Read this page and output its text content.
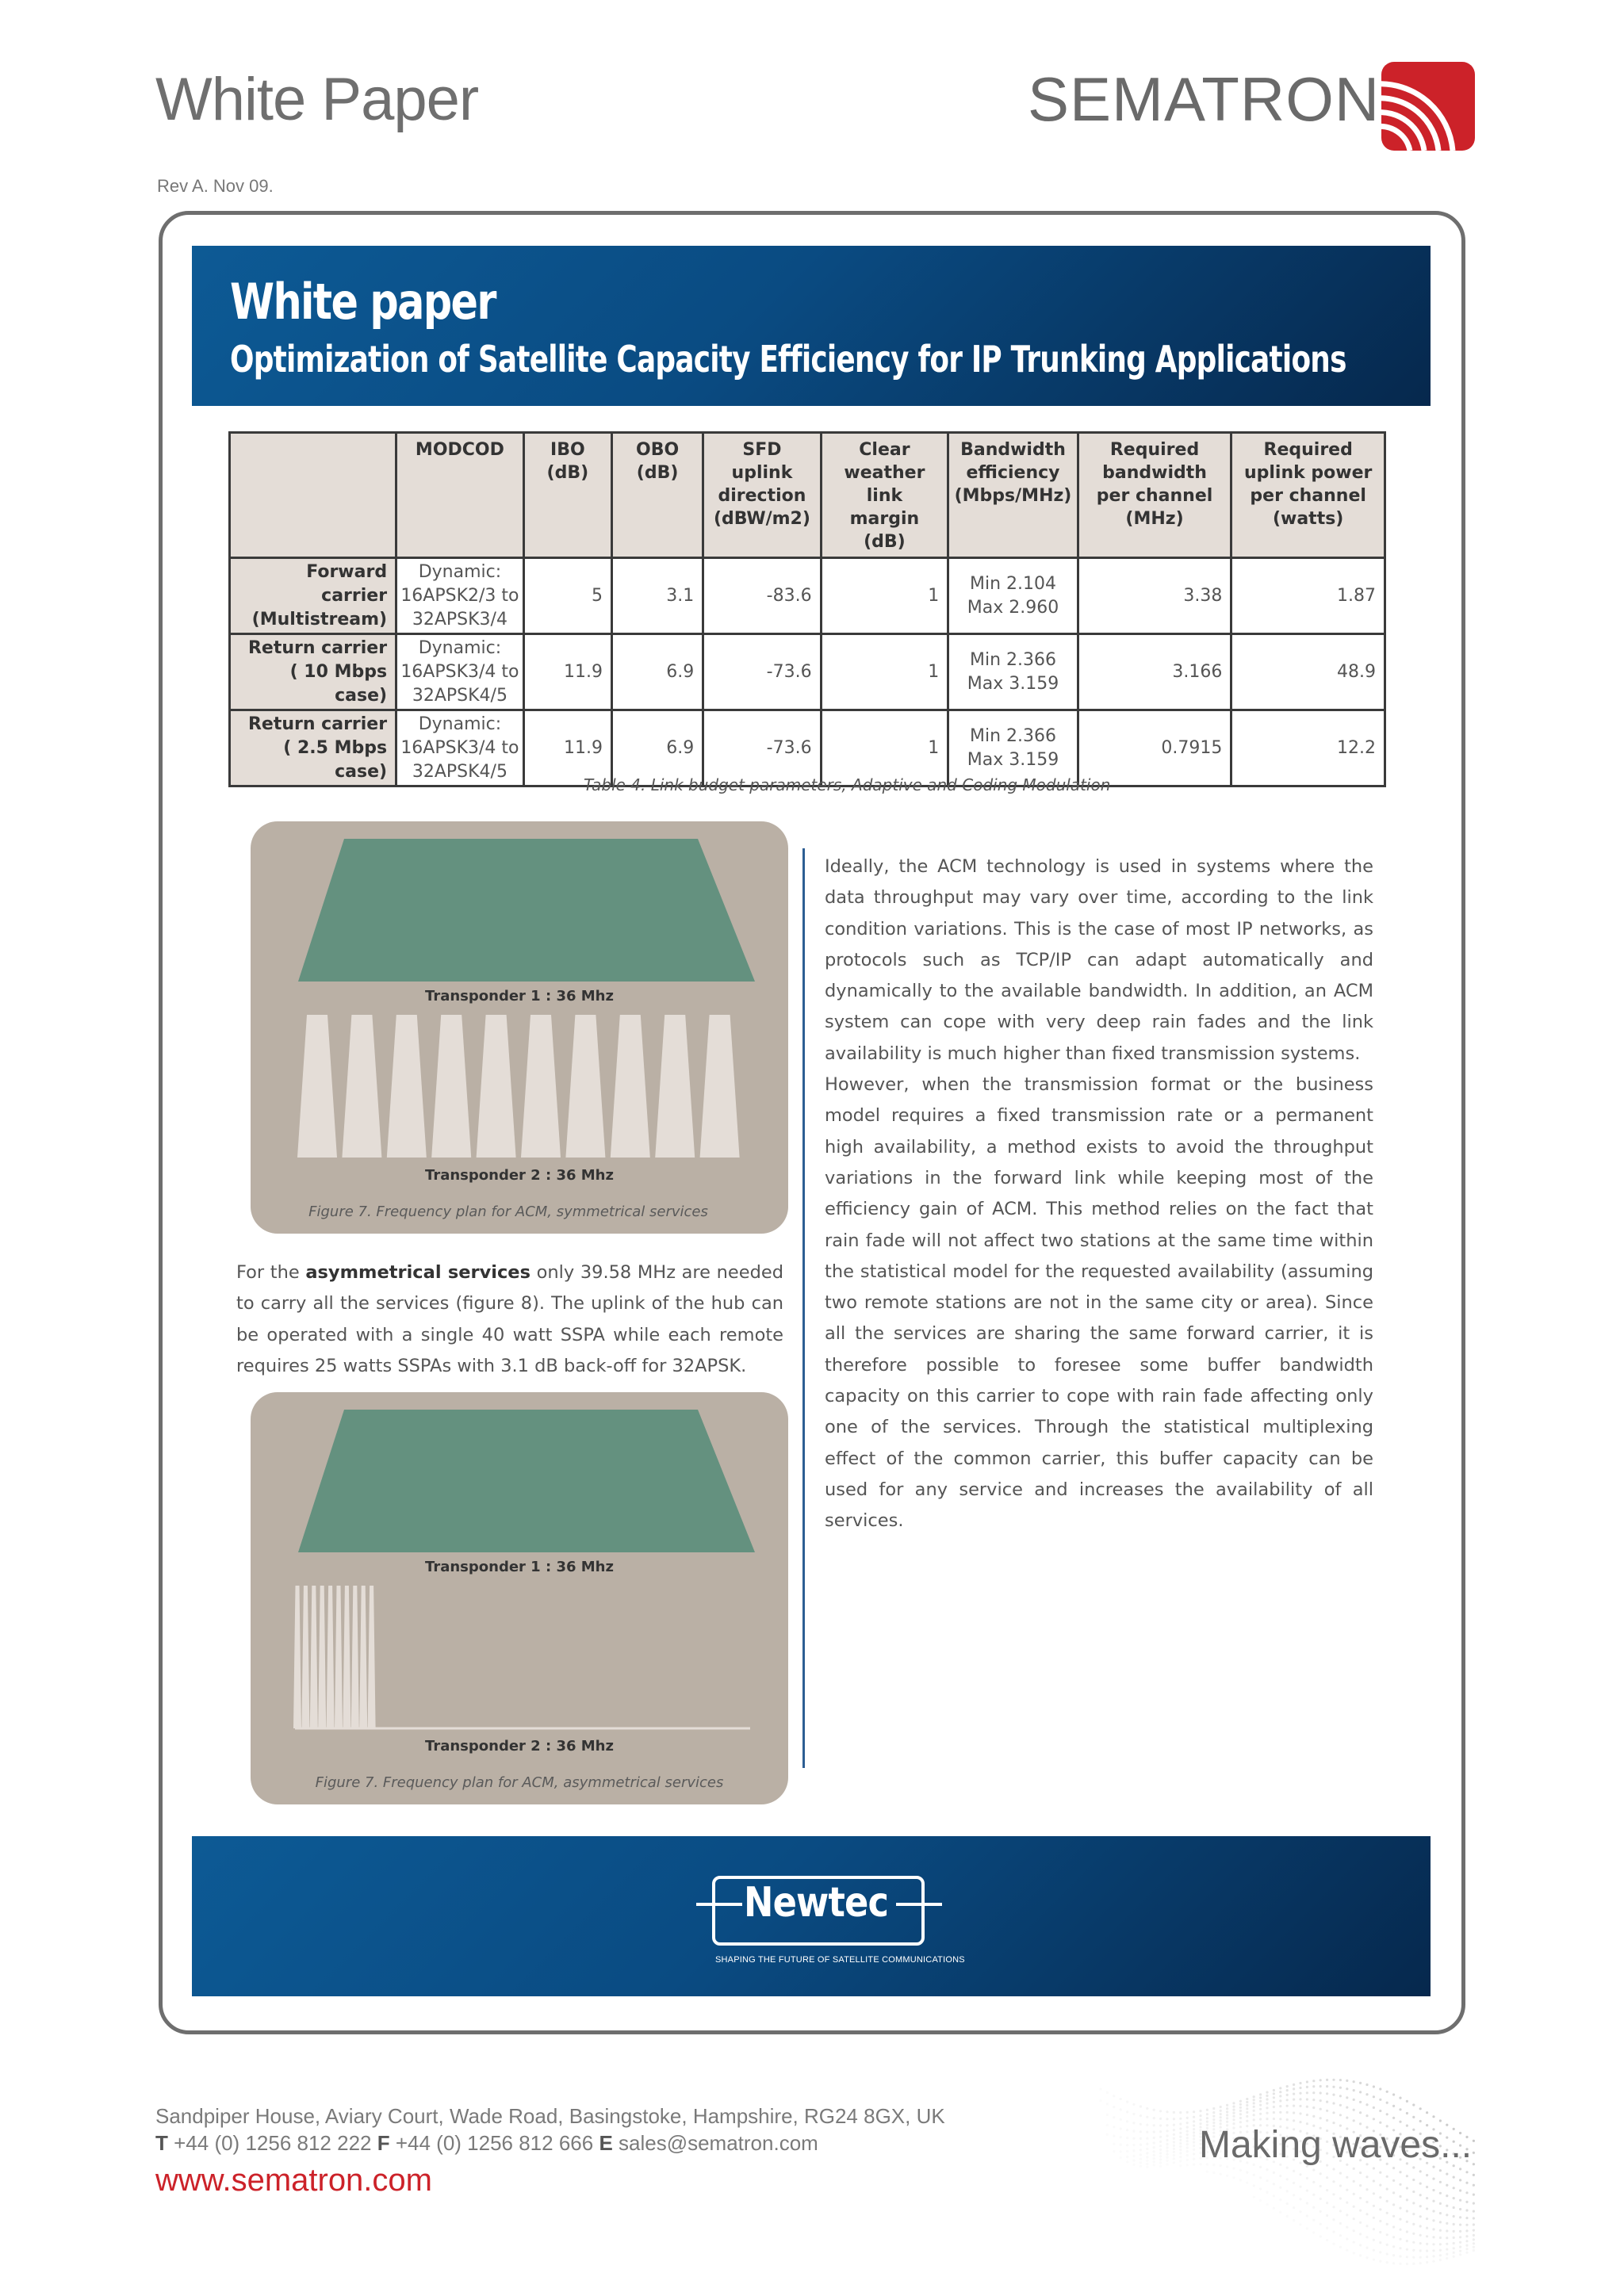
White Paper	SEMATRON
Rev A. Nov 09.
White paper
Optimization of Satellite Capacity Efficiency for IP Trunking Applications
	MODCOD	IBO
(dB)	OBO
(dB)	SFD
uplink
direction
(dBW/m2)	Clear
weather link
margin
(dB)	Bandwidth
efficiency
(Mbps/MHz)	Required
bandwidth
per channel
(MHz)	Required
uplink power
per channel
(watts)
Forward carrier
(Multistream)	Dynamic:
16APSK2/3 to
32APSK3/4	5	3.1	-83.6	1	Min 2.104
Max 2.960	3.38	1.87
Return carrier
( 10 Mbps case)	Dynamic:
16APSK3/4 to
32APSK4/5	11.9	6.9	-73.6	1	Min 2.366
Max 3.159	3.166	48.9
Return carrier
( 2.5 Mbps case)	Dynamic:
16APSK3/4 to
32APSK4/5	11.9	6.9	-73.6	1	Min 2.366
Max 3.159	0.7915	12.2
Table 4. Link budget parameters, Adaptive and Coding Modulation
Transponder 1 : 36 Mhz
Transponder 2 : 36 Mhz
Figure 7. Frequency plan for ACM, symmetrical services
For the asymmetrical services only 39.58 MHz are needed to carry all the services (figure 8). The uplink of the hub can be operated with a single 40 watt SSPA while each remote requires 25 watts SSPAs with 3.1 dB back-off for 32APSK.
Transponder 1 : 36 Mhz
Transponder 2 : 36 Mhz
Figure 7. Frequency plan for ACM, asymmetrical services
Ideally, the ACM technology is used in systems where the data throughput may vary over time, according to the link condition variations. This is the case of most IP networks, as protocols such as TCP/IP can adapt automatically and dynamically to the available bandwidth. In addition, an ACM system can cope with very deep rain fades and the link availability is much higher than fixed transmission systems.
However, when the transmission format or the business model requires a fixed transmission rate or a permanent high availability, a method exists to avoid the throughput variations in the forward link while keeping most of the efficiency gain of ACM. This method relies on the fact that rain fade will not affect two stations at the same time within the statistical model for the requested availability (assuming two remote stations are not in the same city or area). Since all the services are sharing the same forward carrier, it is therefore possible to foresee some buffer bandwidth capacity on this carrier to cope with rain fade affecting only one of the services. Through the statistical multiplexing effect of the common carrier, this buffer capacity can be used for any service and increases the availability of all services.
Newtec
SHAPING THE FUTURE OF SATELLITE COMMUNICATIONS
Sandpiper House, Aviary Court, Wade Road, Basingstoke, Hampshire, RG24 8GX, UK
T +44 (0) 1256 812 222 F +44 (0) 1256 812 666 E sales@sematron.com
www.sematron.com
Making waves...
